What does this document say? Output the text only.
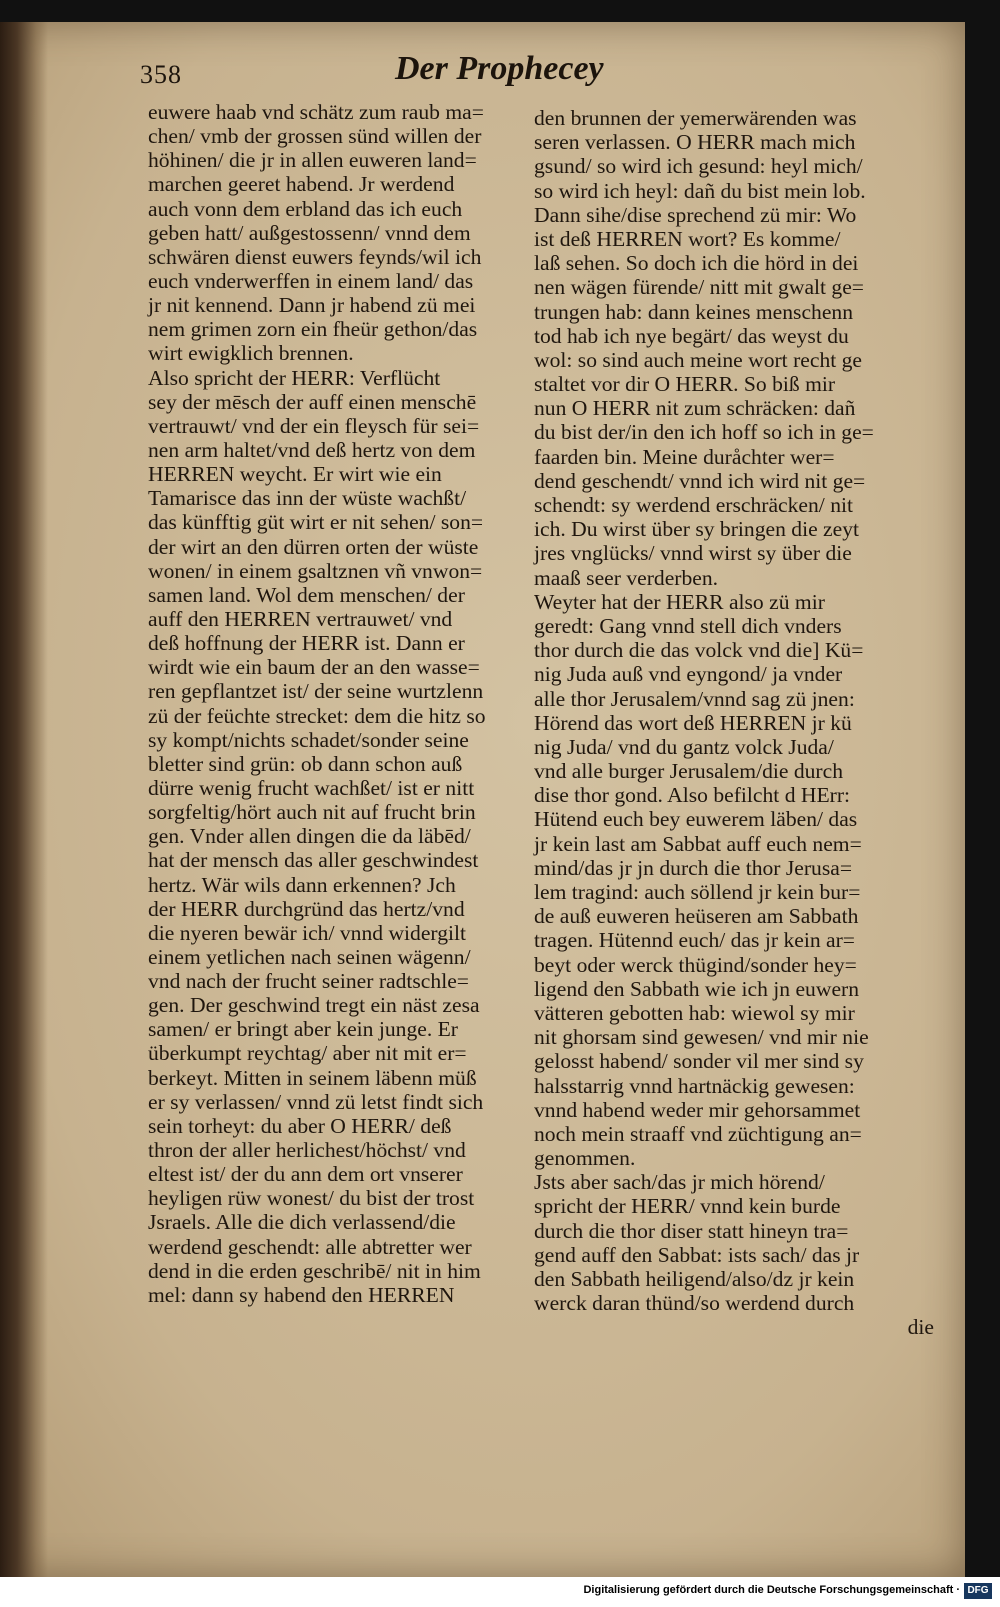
358	Der Prophecey
euwere haab vnd schätz zum raub ma=
chen/ vmb der grossen sünd willen der
höhinen/ die jr in allen euweren land=
marchen geeret habend. Jr werdend
auch vonn dem erbland das ich euch
geben hatt/ außgestossenn/ vnnd dem
schwären dienst euwers feynds/wil ich
euch vnderwerffen in einem land/ das
jr nit kennend. Dann jr habend zü mei
nem grimen zorn ein fheür gethon/das
wirt ewigklich brennen.
Also spricht der HERR: Verflücht
sey der mēsch der auff einen menschē
vertrauwt/ vnd der ein fleysch für sei=
nen arm haltet/vnd deß hertz von dem
HERREN weycht. Er wirt wie ein
Tamariscе das inn der wüste wachßt/
das künfftig güt wirt er nit sehen/ son=
der wirt an den dürren orten der wüste
wonen/ in einem gsaltznen vñ vnwon=
samen land. Wol dem menschen/ der
auff den HERREN vertrauwet/ vnd
deß hoffnung der HERR ist. Dann er
wirdt wie ein baum der an den wasse=
ren gepflantzet ist/ der seine wurtzlenn
zü der feüchte strecket: dem die hitz so
sy kompt/nichts schadet/sonder seine
bletter sind grün: ob dann schon auß
dürre wenig frucht wachßet/ ist er nitt
sorgfeltig/hört auch nit auf frucht brin
gen. Vnder allen dingen die da läbēd/
hat der mensch das aller geschwindest
hertz. Wär wils dann erkennen? Jch
der HERR durchgründ das hertz/vnd
die nyeren bewär ich/ vnnd widergilt
einem yetlichen nach seinen wägenn/
vnd nach der frucht seiner radtschle=
gen. Der geschwind tregt ein näst zesa
samen/ er bringt aber kein junge. Er
überkumpt reychtag/ aber nit mit er=
berkeyt. Mitten in seinem läbenn müß
er sy verlassen/ vnnd zü letst findt sich
sein torheyt: du aber O HERR/ deß
thron der aller herlichest/höchst/ vnd
eltest ist/ der du ann dem ort vnserer
heyligen rüw wonest/ du bist der trost
Jsraels. Alle die dich verlassend/die
werdend geschendt: alle abtretter wer
dend in die erden geschribē/ nit in him
mel: dann sy habend den HERREN
den brunnen der yemerwärenden was
seren verlassen. O HERR mach mich
gsund/ so wird ich gesund: heyl mich/
so wird ich heyl: dañ du bist mein lob.
Dann sihe/dise sprechend zü mir: Wo
ist deß HERREN wort? Es komme/
laß sehen. So doch ich die hörd in dei
nen wägen fürende/ nitt mit gwalt ge=
trungen hab: dann keines menschenn
tod hab ich nye begärt/ das weyst du
wol: so sind auch meine wort recht ge
staltet vor dir O HERR. So biß mir
nun O HERR nit zum schräcken: dañ
du bist der/in den ich hoff so ich in ge=
faarden bin. Meine duråchter wer=
dend geschendt/ vnnd ich wird nit ge=
schendt: sy werdend erschräcken/ nit
ich. Du wirst über sy bringen die zeyt
jres vnglücks/ vnnd wirst sy über die
maaß seer verderben.
Weyter hat der HERR also zü mir
geredt: Gang vnnd stell dich vnders
thor durch die das volck vnd die] Kü=
nig Juda auß vnd eyngond/ ja vnder
alle thor Jerusalem/vnnd sag zü jnen:
Hörend das wort deß HERREN jr kü
nig Juda/ vnd du gantz volck Juda/
vnd alle burger Jerusalem/die durch
dise thor gond. Also befilcht d HErr:
Hütend euch bey euwerem läben/ das
jr kein last am Sabbat auff euch nem=
mind/das jr jn durch die thor Jerusa=
lem tragind: auch söllend jr kein bur=
de auß euweren heüseren am Sabbath
tragen. Hütennd euch/ das jr kein ar=
beyt oder werck thügind/sonder hey=
ligend den Sabbath wie ich jn euwern
vätteren gebotten hab: wiewol sy mir
nit ghorsam sind gewesen/ vnd mir nie
gelosst habend/ sonder vil mer sind sy
halsstarrig vnnd hartnäckig gewesen:
vnnd habend weder mir gehorsammet
noch mein straaff vnd züchtigung an=
genommen.
Jsts aber sach/das jr mich hörend/
spricht der HERR/ vnnd kein burde
durch die thor diser statt hineyn tra=
gend auff den Sabbat: ists sach/ das jr
den Sabbath heiligend/also/dz jr kein
werck daran thünd/so werdend durch
die
Digitalisierung gefördert durch die Deutsche Forschungsgemeinschaft · DFG
